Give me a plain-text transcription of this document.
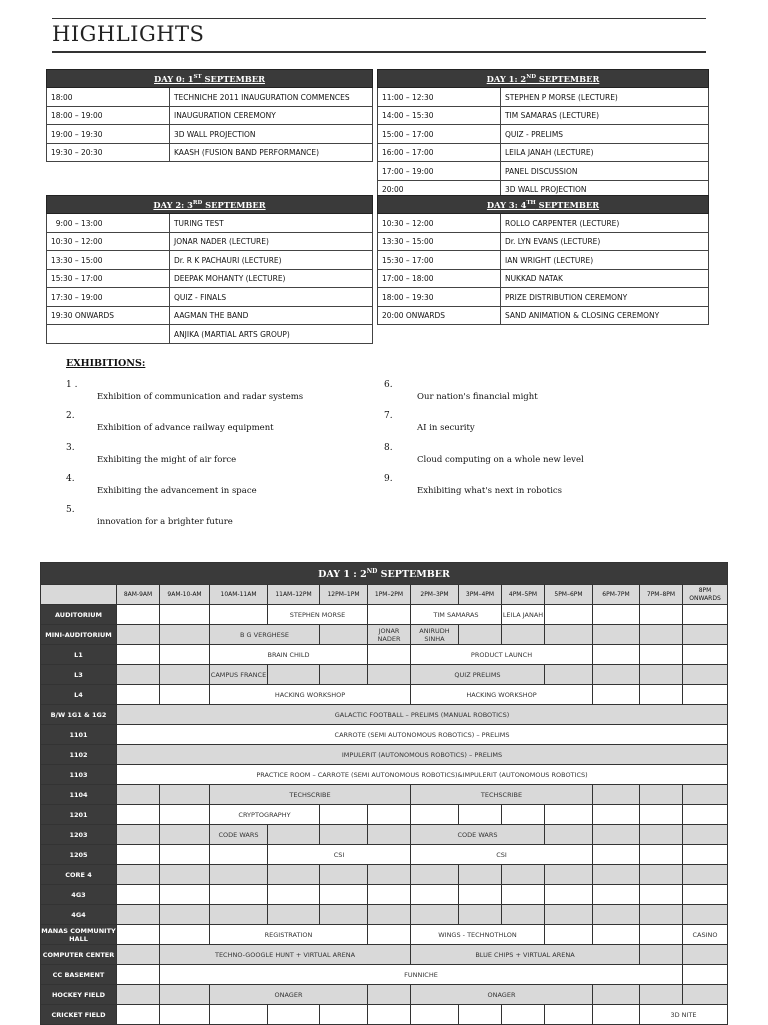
HIGHLIGHTS
DAY 0: 1ST SEPTEMBER	
18:00	TECHNICHE 2011 INAUGURATION COMMENCES
18:00 – 19:00	INAUGURATION CEREMONY
19:00 – 19:30	3D WALL PROJECTION
19:30 – 20:30	KAASH (FUSION BAND PERFORMANCE)
DAY 1: 2ND SEPTEMBER	
11:00 – 12:30	STEPHEN P MORSE (LECTURE)
14:00 – 15:30	TIM SAMARAS (LECTURE)
15:00 – 17:00	QUIZ - PRELIMS
16:00 – 17:00	LEILA JANAH (LECTURE)
17:00 – 19:00	PANEL DISCUSSION
20:00	3D WALL PROJECTION
DAY 2: 3RD SEPTEMBER	
9:00 – 13:00	TURING TEST
10:30 – 12:00	JONAR NADER (LECTURE)
13:30 – 15:00	Dr. R K PACHAURI (LECTURE)
15:30 – 17:00	DEEPAK MOHANTY (LECTURE)
17:30 – 19:00	QUIZ - FINALS
19:30 ONWARDS	AAGMAN THE BAND
	ANJIKA (MARTIAL ARTS GROUP)
DAY 3: 4TH SEPTEMBER	
10:30 – 12:00	ROLLO CARPENTER (LECTURE)
13:30 – 15:00	Dr. LYN EVANS (LECTURE)
15:30 – 17:00	IAN WRIGHT (LECTURE)
17:00 – 18:00	NUKKAD NATAK
18:00 – 19:30	PRIZE DISTRIBUTION CEREMONY
20:00 ONWARDS	SAND ANIMATION & CLOSING CEREMONY
EXHIBITIONS:
1 .
Exhibition of communication and radar systems
2.
Exhibition of advance railway equipment
3.
Exhibiting the might of air force
4.
Exhibiting the advancement in space
5.
innovation for a brighter future
6.
Our nation's financial might
7.
AI in security
8.
Cloud computing on a whole new level
9.
Exhibiting what's next in robotics
DAY 1 : 2ND SEPTEMBER													
	8AM-9AM	9AM-10-AM	10AM-11AM	11AM–12PM	12PM–1PM	1PM–2PM	2PM–3PM	3PM–4PM	4PM–5PM	5PM–6PM	6PM-7PM	7PM–8PM	8PM ONWARDS
AUDITORIUM				STEPHEN MORSE			TIM SAMARAS		LEILA JANAH				
MINI-AUDITORIUM			B G VERGHESE			JONAR NADER	ANIRUDH SINHA						
L1			BRAIN CHILD				PRODUCT LAUNCH						
L3			CAMPUS FRANCE				QUIZ PRELIMS						
L4			HACKING WORKSHOP				HACKING WORKSHOP						
B/W 1G1 & 1G2	GALACTIC FOOTBALL – PRELIMS (MANUAL ROBOTICS)												
1101	CARROTE (SEMI AUTONOMOUS ROBOTICS) – PRELIMS												
1102	IMPULERIT (AUTONOMOUS ROBOTICS) – PRELIMS												
1103	PRACTICE ROOM – CARROTE (SEMI AUTONOMOUS ROBOTICS)&IMPULERIT (AUTONOMOUS ROBOTICS)												
1104			TECHSCRIBE				TECHSCRIBE						
1201			CRYPTOGRAPHY										
1203			CODE WARS				CODE WARS						
1205				CSI			CSI						
CORE 4													
4G3													
4G4													
MANAS COMMUNITY HALL			REGISTRATION				WINGS - TECHNOTHLON						CASINO
COMPUTER CENTER		TECHNO-GOOGLE HUNT + VIRTUAL ARENA					BLUE CHIPS + VIRTUAL ARENA						
CC BASEMENT		FUNNICHE											
HOCKEY FIELD			ONAGER				ONAGER						
CRICKET FIELD												3D NITE	
